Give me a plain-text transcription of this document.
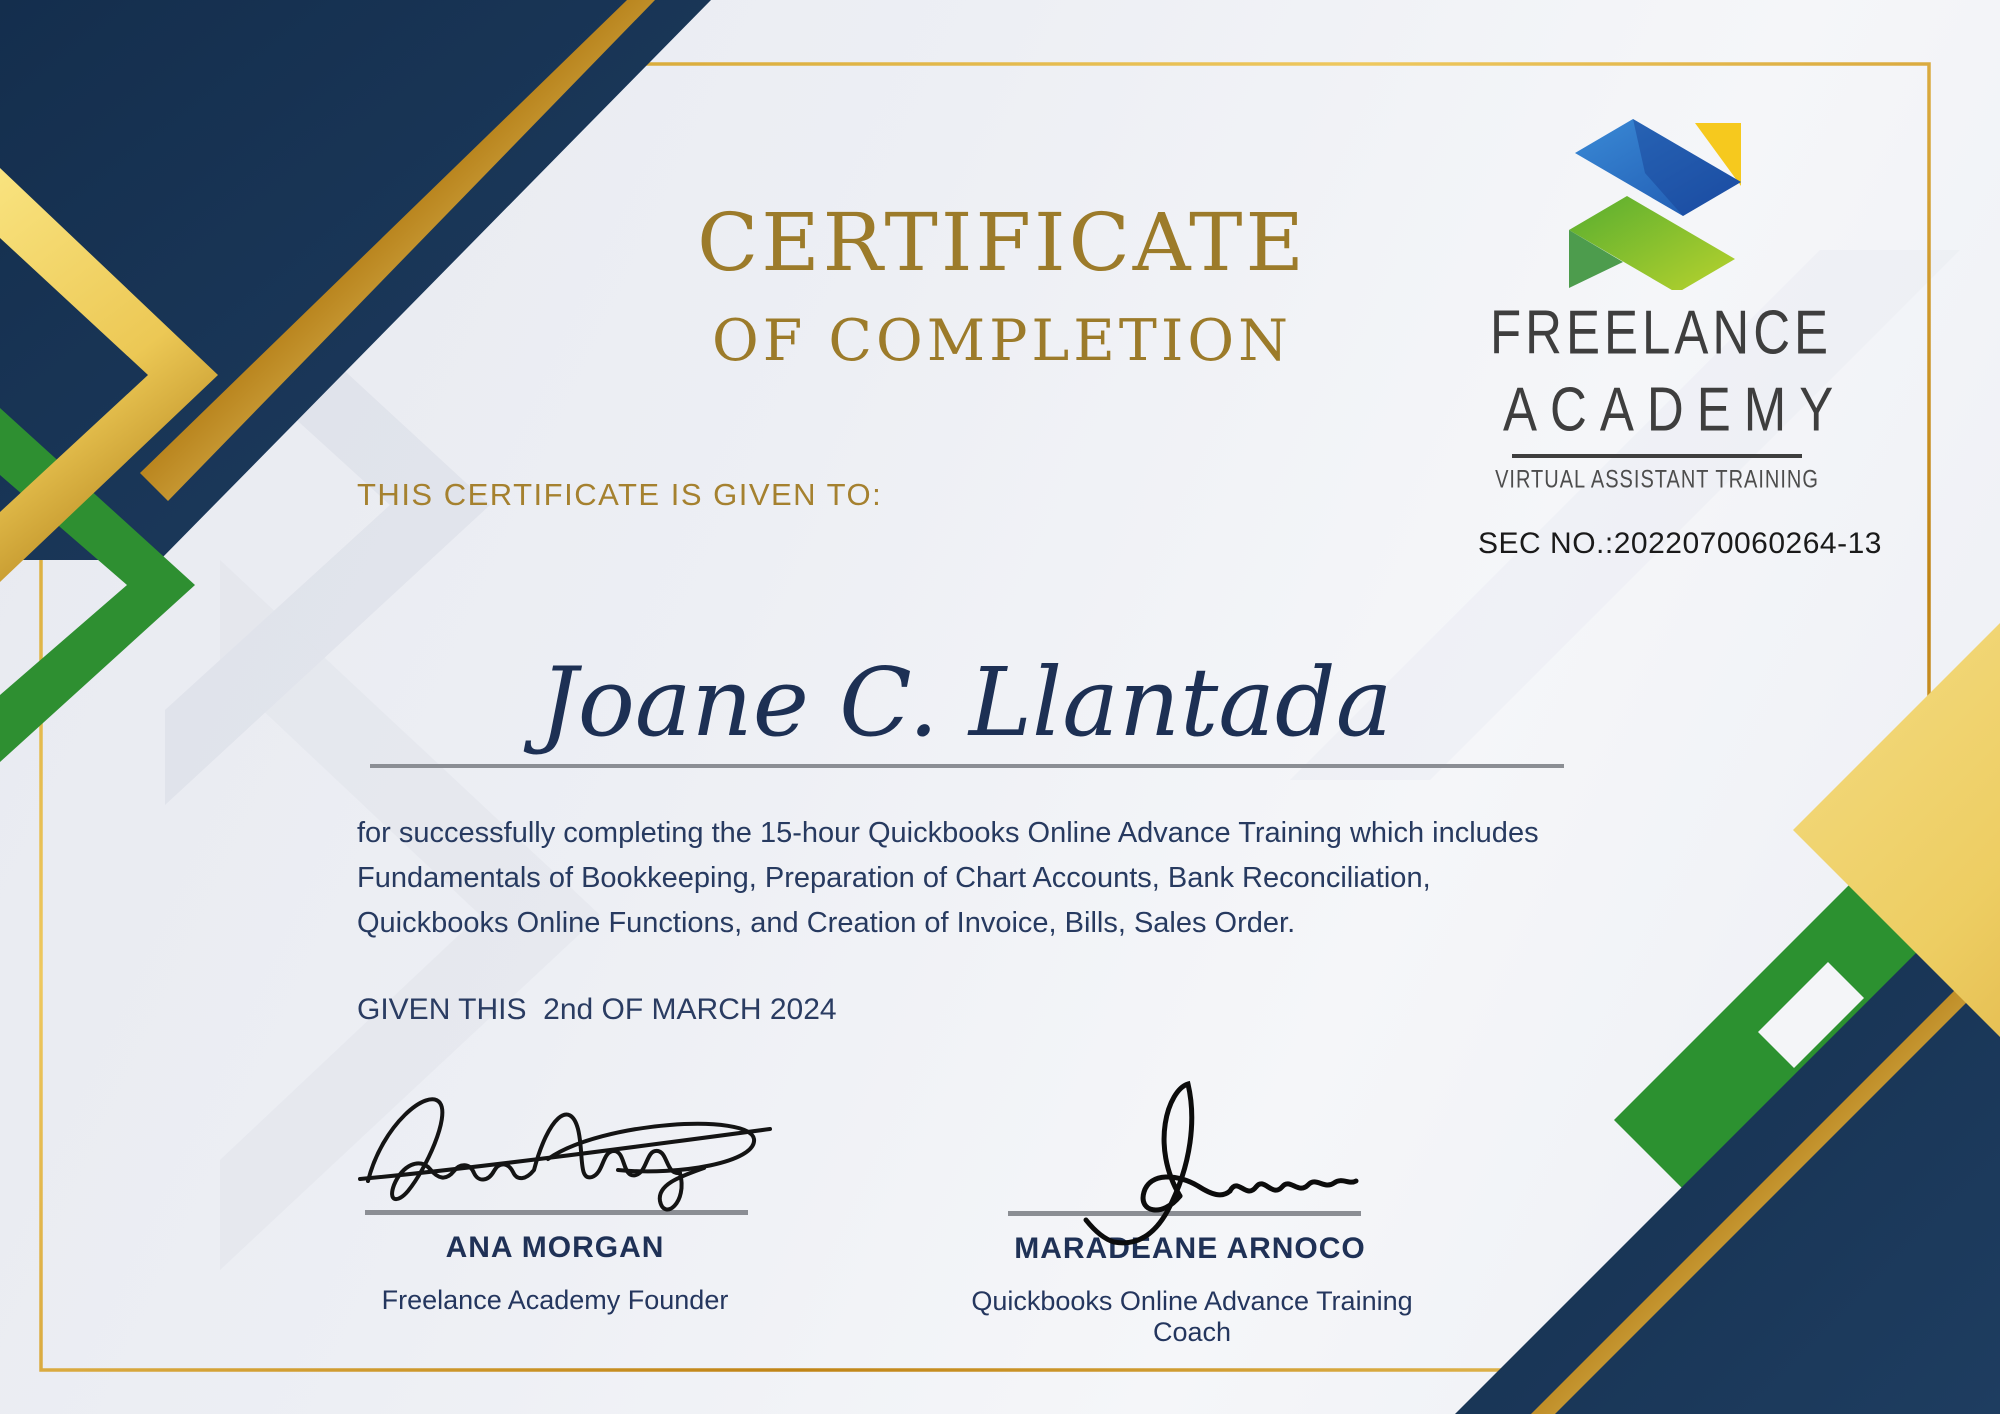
CERTIFICATE
OF COMPLETION	FREELANCE
ACADEMY
VIRTUAL ASSISTANT TRAINING
SEC NO.:2022070060264-13
THIS CERTIFICATE IS GIVEN TO:
Joane C. Llantada
for successfully completing the 15-hour Quickbooks Online Advance Training which includes Fundamentals of Bookkeeping, Preparation of Chart Accounts, Bank Reconciliation, Quickbooks Online Functions, and Creation of Invoice, Bills, Sales Order.
GIVEN THIS  2nd OF MARCH 2024
ANA MORGAN
Freelance Academy Founder
MARADEANE ARNOCO
Quickbooks Online Advance Training Coach
